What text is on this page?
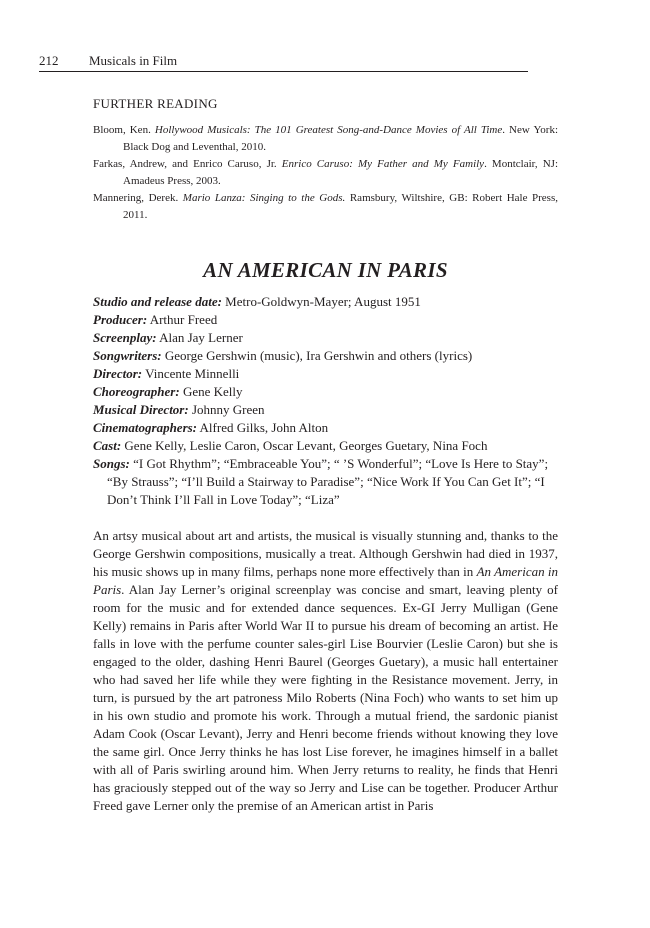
212 Musicals in Film
FURTHER READING
Bloom, Ken. Hollywood Musicals: The 101 Greatest Song-and-Dance Movies of All Time. New York: Black Dog and Leventhal, 2010.
Farkas, Andrew, and Enrico Caruso, Jr. Enrico Caruso: My Father and My Family. Montclair, NJ: Amadeus Press, 2003.
Mannering, Derek. Mario Lanza: Singing to the Gods. Ramsbury, Wiltshire, GB: Robert Hale Press, 2011.
AN AMERICAN IN PARIS
Studio and release date: Metro-Goldwyn-Mayer; August 1951
Producer: Arthur Freed
Screenplay: Alan Jay Lerner
Songwriters: George Gershwin (music), Ira Gershwin and others (lyrics)
Director: Vincente Minnelli
Choreographer: Gene Kelly
Musical Director: Johnny Green
Cinematographers: Alfred Gilks, John Alton
Cast: Gene Kelly, Leslie Caron, Oscar Levant, Georges Guetary, Nina Foch
Songs: “I Got Rhythm”; “Embraceable You”; “ ’S Wonderful”; “Love Is Here to Stay”; “By Strauss”; “I’ll Build a Stairway to Paradise”; “Nice Work If You Can Get It”; “I Don’t Think I’ll Fall in Love Today”; “Liza”

An artsy musical about art and artists, the musical is visually stunning and, thanks to the George Gershwin compositions, musically a treat. Although Gershwin had died in 1937, his music shows up in many films, perhaps none more effectively than in An American in Paris. Alan Jay Lerner’s original screenplay was concise and smart, leaving plenty of room for the music and for extended dance sequences. Ex-GI Jerry Mulligan (Gene Kelly) remains in Paris after World War II to pursue his dream of becoming an artist. He falls in love with the perfume counter sales-girl Lise Bourvier (Leslie Caron) but she is engaged to the older, dashing Henri Baurel (Georges Guetary), a music hall entertainer who had saved her life while they were fighting in the Resistance movement. Jerry, in turn, is pursued by the art patroness Milo Roberts (Nina Foch) who wants to set him up in his own studio and promote his work. Through a mutual friend, the sardonic pianist Adam Cook (Oscar Levant), Jerry and Henri become friends without knowing they love the same girl. Once Jerry thinks he has lost Lise forever, he imagines himself in a ballet with all of Paris swirling around him. When Jerry returns to reality, he finds that Henri has graciously stepped out of the way so Jerry and Lise can be together. Producer Arthur Freed gave Lerner only the premise of an American artist in Paris
